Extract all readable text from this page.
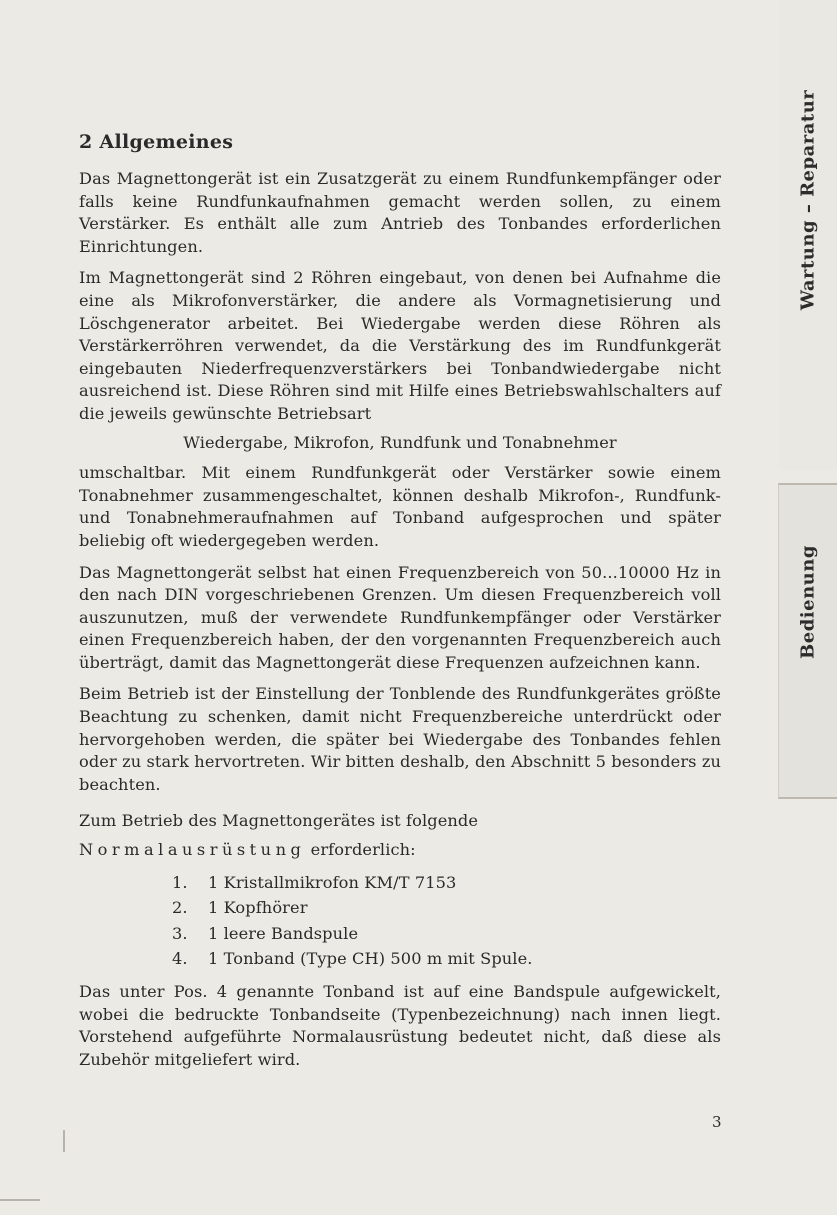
Wartung – Reparatur
Bedienung
2 Allgemeines

Das Magnettongerät ist ein Zusatzgerät zu einem Rundfunkempfänger oder falls keine Rundfunkaufnahmen gemacht werden sollen, zu einem Verstärker. Es enthält alle zum Antrieb des Tonbandes erforderlichen Einrichtungen.

Im Magnettongerät sind 2 Röhren eingebaut, von denen bei Aufnahme die eine als Mikrofonverstärker, die andere als Vormagnetisierung und Löschgenerator arbeitet. Bei Wiedergabe werden diese Röhren als Verstärkerröhren verwendet, da die Verstärkung des im Rundfunkgerät eingebauten Niederfrequenzverstärkers bei Tonbandwiedergabe nicht ausreichend ist. Diese Röhren sind mit Hilfe eines Betriebswahlschalters auf die jeweils gewünschte Betriebsart

Wiedergabe, Mikrofon, Rundfunk und Tonabnehmer

umschaltbar. Mit einem Rundfunkgerät oder Verstärker sowie einem Tonabnehmer zusammengeschaltet, können deshalb Mikrofon-, Rundfunk- und Tonabnehmeraufnahmen auf Tonband aufgesprochen und später beliebig oft wiedergegeben werden.

Das Magnettongerät selbst hat einen Frequenzbereich von 50...10000 Hz in den nach DIN vorgeschriebenen Grenzen. Um diesen Frequenzbereich voll auszunutzen, muß der verwendete Rundfunkempfänger oder Verstärker einen Frequenzbereich haben, der den vorgenannten Frequenzbereich auch überträgt, damit das Magnettongerät diese Frequenzen aufzeichnen kann.

Beim Betrieb ist der Einstellung der Tonblende des Rundfunkgerätes größte Beachtung zu schenken, damit nicht Frequenzbereiche unterdrückt oder hervorgehoben werden, die später bei Wiedergabe des Tonbandes fehlen oder zu stark hervortreten. Wir bitten deshalb, den Abschnitt 5 besonders zu beachten.

Zum Betrieb des Magnettongerätes ist folgende

Normalausrüstung erforderlich:

1.	1 Kristallmikrofon KM/T 7153
2.	1 Kopfhörer
3.	1 leere Bandspule
4.	1 Tonband (Type CH) 500 m mit Spule.

Das unter Pos. 4 genannte Tonband ist auf eine Bandspule aufgewickelt, wobei die bedruckte Tonbandseite (Typenbezeichnung) nach innen liegt. Vorstehend aufgeführte Normalausrüstung bedeutet nicht, daß diese als Zubehör mitgeliefert wird.

3
